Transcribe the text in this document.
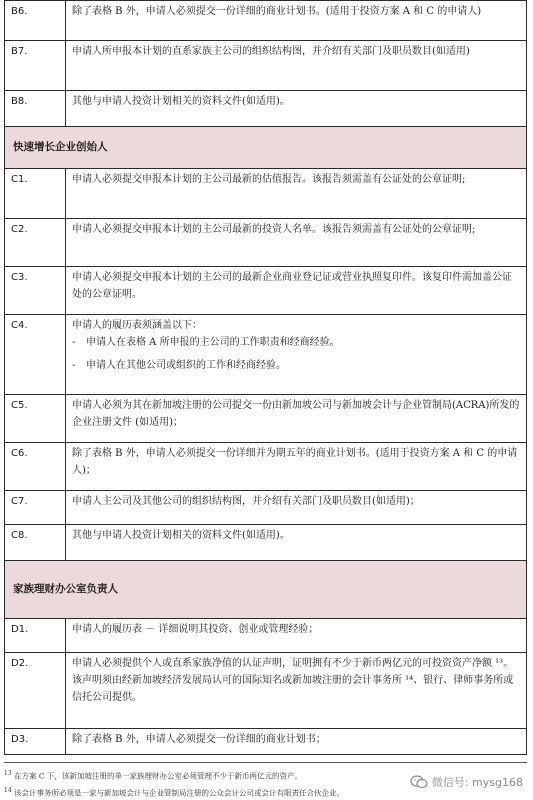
B6.	除了表格 B 外，申请人必须提交一份详细的商业计划书。(适用于投资方案 A 和 C 的申请人)
B7.	申请人所申报本计划的直系家族主公司的组织结构图，并介绍有关部门及职员数目(如适用)
B8.	其他与申请人投资计划相关的资料文件(如适用)。
快速增长企业创始人	
C1.	申请人必须提交申报本计划的主公司最新的估值报告。该报告须需盖有公证处的公章证明;
C2.	申请人必须提交申报本计划的主公司最新的投资人名单。该报告须需盖有公证处的公章证明;
C3.	申请人必须提交申报本计划的主公司的最新企业商业登记证或营业执照复印件。该复印件需加盖公证处的公章证明。
C4.	申请人的履历表须涵盖以下：
- 申请人在表格 A 所申报的主公司的工作职责和经商经验。
- 申请人在其他公司或组织的工作和经商经验。

C5.	申请人必须为其在新加坡注册的公司提交一份由新加坡公司与新加坡会计与企业管制局(ACRA)所发的企业注册文件 (如适用)；
C6.	除了表格 B 外，申请人必须提交一份详细并为期五年的商业计划书。(适用于投资方案 A 和 C 的申请人)；
C7.	申请人主公司及其他公司的组织结构图，并介绍有关部门及职员数目(如适用)；
C8.	其他与申请人投资计划相关的资料文件(如适用)。
家族理财办公室负责人	
D1.	申请人的履历表 － 详细说明其投资、创业或管理经验；
D2.	申请人必须提供个人或直系家族净值的认证声明，证明拥有不少于新币两亿元的可投资资产净额 ¹³。该声明须由经新加坡经济发展局认可的国际知名或新加坡注册的会计事务所 ¹⁴、银行、律师事务所或信托公司提供。
D3.	除了表格 B 外，申请人必须提交一份详细的商业计划书；
$^{13}$ 在方案 C 下，该新加坡注册的单一家族理财办公室必须管理不少于新币两亿元的资产。
$^{14}$ 该会计事务所必须是一家与新加坡会计与企业管制局注册的公众会计公司或会计有限责任合伙企业。
微信号: mysg168
